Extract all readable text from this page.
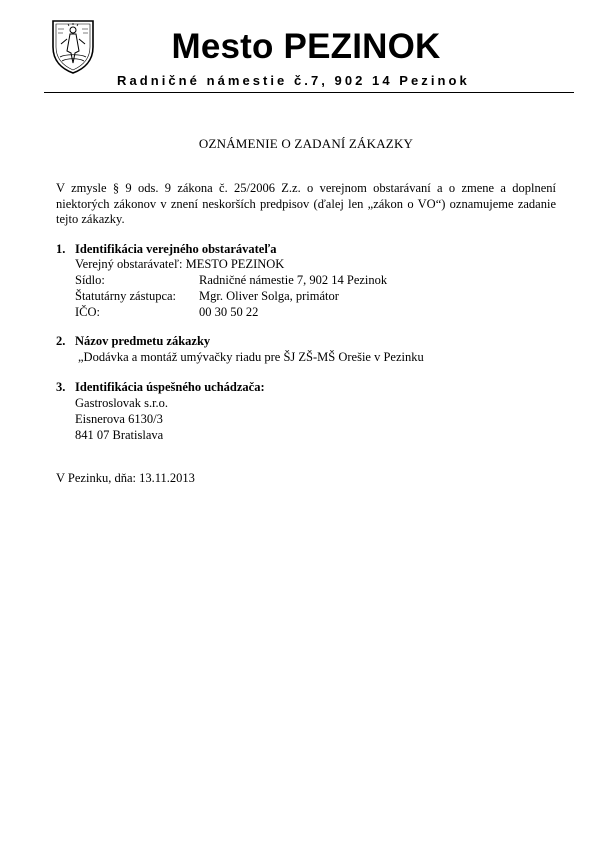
Mesto PEZINOK
Radničné námestie č.7, 902 14 Pezinok
OZNÁMENIE O ZADANÍ ZÁKAZKY
V zmysle § 9 ods. 9 zákona č. 25/2006 Z.z. o verejnom obstarávaní a o zmene a doplnení niektorých zákonov v znení neskorších predpisov (ďalej len „zákon o VO“) oznamujeme zadanie tejto zákazky.
1. Identifikácia verejného obstarávateľa
Verejný obstarávateľ: MESTO PEZINOK
Sídlo:	Radničné námestie 7, 902 14 Pezinok
Štatutárny zástupca: Mgr. Oliver Solga, primátor
IČO:	00 30 50 22
2. Názov predmetu zákazky
„Dodávka a montáž umývačky riadu pre ŠJ ZŠ-MŠ Orešie v Pezinku
3. Identifikácia úspešného uchádzača:
Gastroslovak s.r.o.
Eisnerova 6130/3
841 07 Bratislava
V Pezinku, dňa: 13.11.2013
